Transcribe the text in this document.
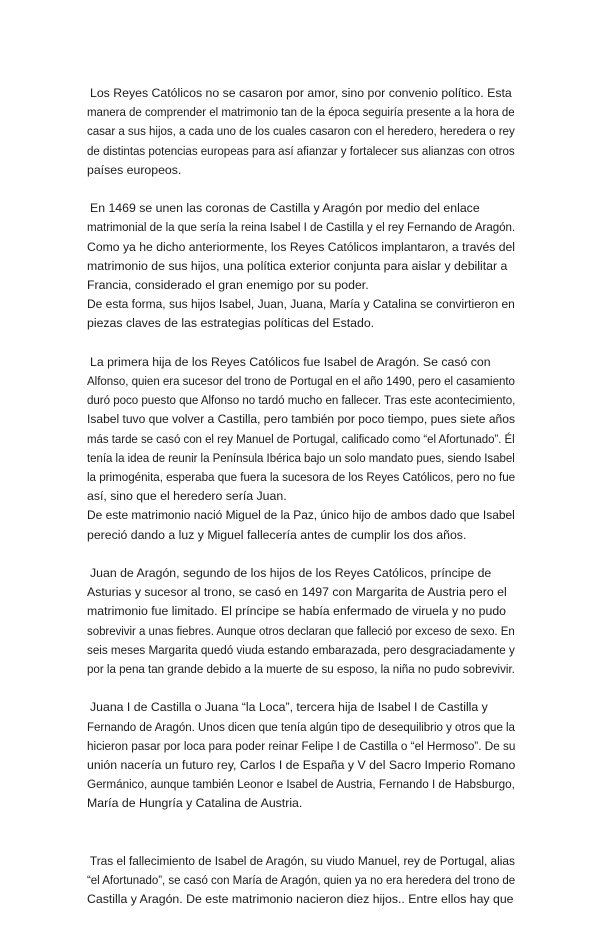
Los Reyes Católicos no se casaron por amor, sino por convenio político. Esta
manera de comprender el matrimonio tan de la época seguiría presente a la hora de
casar a sus hijos, a cada uno de los cuales casaron con el heredero, heredera o rey
de distintas potencias europeas para así afianzar y fortalecer sus alianzas con otros
países europeos.

En 1469 se unen las coronas de Castilla y Aragón por medio del enlace
matrimonial de la que sería la reina Isabel I de Castilla y el rey Fernando de Aragón.
Como ya he dicho anteriormente, los Reyes Católicos implantaron, a través del
matrimonio de sus hijos, una política exterior conjunta para aislar y debilitar a
Francia, considerado el gran enemigo por su poder.
De esta forma, sus hijos Isabel, Juan, Juana, María y Catalina se convirtieron en
piezas claves de las estrategias políticas del Estado.

La primera hija de los Reyes Católicos fue Isabel de Aragón. Se casó con
Alfonso, quien era sucesor del trono de Portugal en el año 1490, pero el casamiento
duró poco puesto que Alfonso no tardó mucho en fallecer. Tras este acontecimiento,
Isabel tuvo que volver a Castilla, pero también por poco tiempo, pues siete años
más tarde se casó con el rey Manuel de Portugal, calificado como “el Afortunado”. Él
tenía la idea de reunir la Península Ibérica bajo un solo mandato pues, siendo Isabel
la primogénita, esperaba que fuera la sucesora de los Reyes Católicos, pero no fue
así, sino que el heredero sería Juan.
De este matrimonio nació Miguel de la Paz, único hijo de ambos dado que Isabel
pereció dando a luz y Miguel fallecería antes de cumplir los dos años.

Juan de Aragón, segundo de los hijos de los Reyes Católicos, príncipe de
Asturias y sucesor al trono, se casó en 1497 con Margarita de Austria pero el
matrimonio fue limitado. El príncipe se había enfermado de viruela y no pudo
sobrevivir a unas fiebres. Aunque otros declaran que falleció por exceso de sexo. En
seis meses Margarita quedó viuda estando embarazada, pero desgraciadamente y
por la pena tan grande debido a la muerte de su esposo, la niña no pudo sobrevivir.

Juana I de Castilla o Juana “la Loca”, tercera hija de Isabel I de Castilla y
Fernando de Aragón. Unos dicen que tenía algún tipo de desequilibrio y otros que la
hicieron pasar por loca para poder reinar Felipe I de Castilla o “el Hermoso”. De su
unión nacería un futuro rey, Carlos I de España y V del Sacro Imperio Romano
Germánico, aunque también Leonor e Isabel de Austria, Fernando I de Habsburgo,
María de Hungría y Catalina de Austria.

Tras el fallecimiento de Isabel de Aragón, su viudo Manuel, rey de Portugal, alias
“el Afortunado”, se casó con María de Aragón, quien ya no era heredera del trono de
Castilla y Aragón. De este matrimonio nacieron diez hijos.. Entre ellos hay que
